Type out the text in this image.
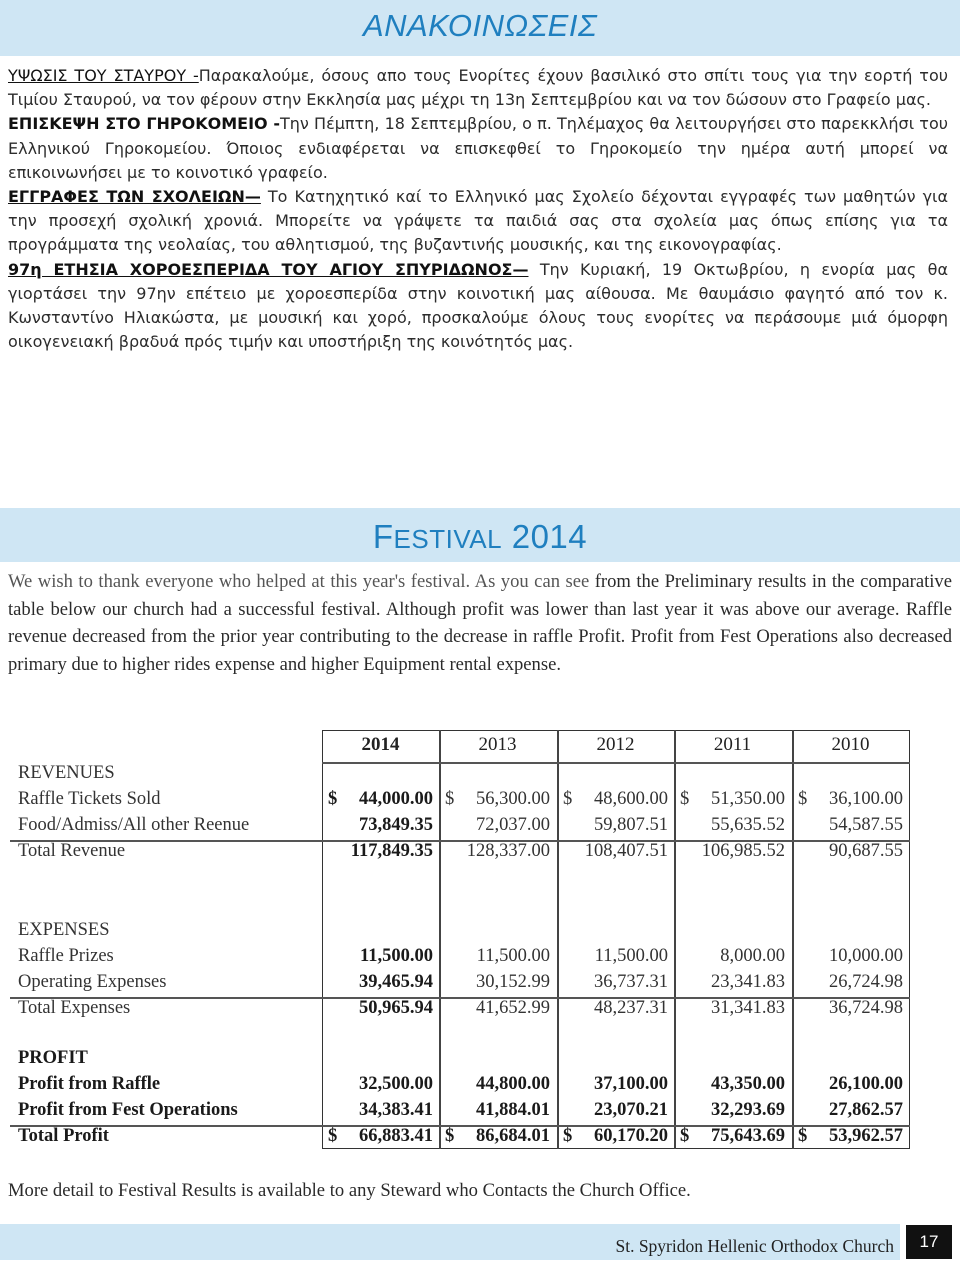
ΑΝΑΚΟΙΝΩΣΕΙΣ

ΥΨΩΣΙΣ ΤΟΥ ΣΤΑΥΡΟΥ -Παρακαλούμε, όσους απο τους Ενορίτες έχουν βασιλικό στο σπίτι τους για την εορτή του Τιμίου Σταυρού, να τον φέρουν στην Εκκλησία μας μέχρι τη 13η Σεπτεμβρίου και να τον δώσουν στο Γραφείο μας.

ΕΠΙΣΚΕΨΗ ΣΤΟ ΓΗΡΟΚΟΜΕΙΟ -Την Πέμπτη, 18 Σεπτεμβρίου, ο π. Τηλέμαχος θα λειτουργήσει στο παρεκκλήσι του Ελληνικού Γηροκομείου. Όποιος ενδιαφέρεται να επισκεφθεί το Γηροκομείο την ημέρα αυτή μπορεί να επικοινωνήσει με το κοινοτικό γραφείο.

ΕΓΓΡΑΦΕΣ ΤΩΝ ΣΧΟΛΕΙΩΝ— Το Κατηχητικό καί το Ελληνικό μας Σχολείο δέχονται εγγραφές των μαθητών για την προσεχή σχολική χρονιά. Μπορείτε να γράψετε τα παιδιά σας στα σχολεία μας όπως επίσης για τα προγράμματα της νεολαίας, του αθλητισμού, της βυζαντινής μουσικής, και της εικονογραφίας.

97η ΕΤΗΣΙΑ ΧΟΡΟΕΣΠΕΡΙΔΑ ΤΟΥ ΑΓΙΟΥ ΣΠΥΡΙΔΩΝΟΣ— Την Κυριακή, 19 Οκτωβρίου, η ενορία μας θα γιορτάσει την 97ην επέτειο με χοροεσπερίδα στην κοινοτική μας αίθουσα. Με θαυμάσιο φαγητό από τον κ. Κωνσταντίνο Ηλιακώστα, με μουσική και χορό, προσκαλούμε όλους τους ενορίτες να περάσουμε μιά όμορφη οικογενειακή βραδυά πρός τιμήν και υποστήριξη της κοινότητός μας.

FESTIVAL 2014
We wish to thank everyone who helped at this year's festival. As you can see from the Preliminary results in the comparative table below our church had a successful festival. Although profit was lower than last year it was above our average. Raffle revenue decreased from the prior year contributing to the decrease in raffle Profit. Profit from Fest Operations also decreased primary due to higher rides expense and higher Equipment rental expense.
2014	2013	2012	2011	2010
REVENUES
Raffle Tickets Sold	$ 44,000.00 $ 56,300.00 $ 48,600.00 $ 51,350.00 $ 36,100.00
Food/Admiss/All other Reenue	73,849.35 72,037.00 59,807.51 55,635.52 54,587.55
Total Revenue	117,849.35 128,337.00 108,407.51 106,985.52 90,687.55
EXPENSES
Raffle Prizes	11,500.00 11,500.00 11,500.00	8,000.00 10,000.00
Operating Expenses	39,465.94 30,152.99 36,737.31 23,341.83 26,724.98
Total Expenses	50,965.94 41,652.99 48,237.31 31,341.83 36,724.98
PROFIT
Profit from Raffle	32,500.00 44,800.00 37,100.00 43,350.00 26,100.00
Profit from Fest Operations	34,383.41 41,884.01 23,070.21 32,293.69 27,862.57
Total Profit	$ 66,883.41 $ 86,684.01 $ 60,170.20 $ 75,643.69 $ 53,962.57
More detail to Festival Results is available to any Steward who Contacts the Church Office.
St. Spyridon Hellenic Orthodox Church	17
